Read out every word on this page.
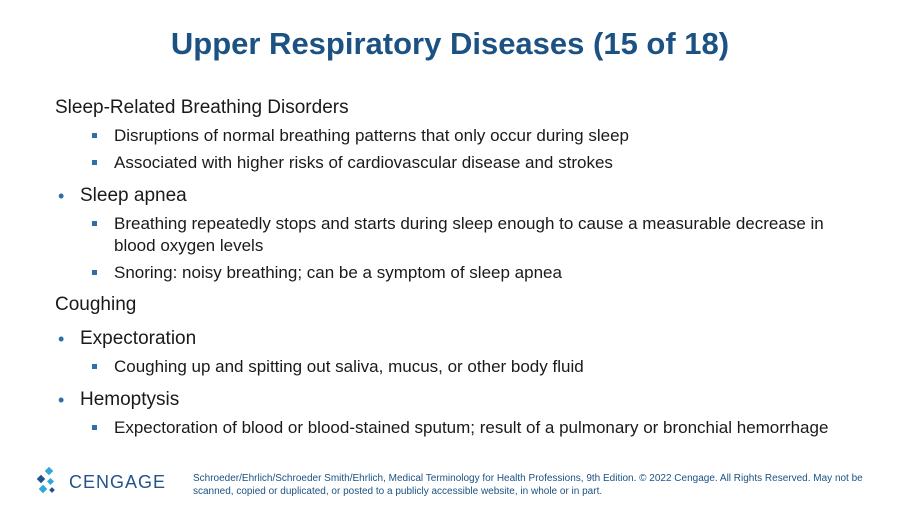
Upper Respiratory Diseases (15 of 18)

Sleep-Related Breathing Disorders

Disruptions of normal breathing patterns that only occur during sleep

Associated with higher risks of cardiovascular disease and strokes

• Sleep apnea

Breathing repeatedly stops and starts during sleep enough to cause a measurable decrease in blood oxygen levels

Snoring: noisy breathing; can be a symptom of sleep apnea

Coughing

• Expectoration

Coughing up and spitting out saliva, mucus, or other body fluid

• Hemoptysis

Expectoration of blood or blood-stained sputum; result of a pulmonary or bronchial hemorrhage

CENGAGE	Schroeder/Ehrlich/Schroeder Smith/Ehrlich, Medical Terminology for Health Professions, 9th Edition. © 2022 Cengage. All Rights Reserved. May not be scanned, copied or duplicated, or posted to a publicly accessible website, in whole or in part.
